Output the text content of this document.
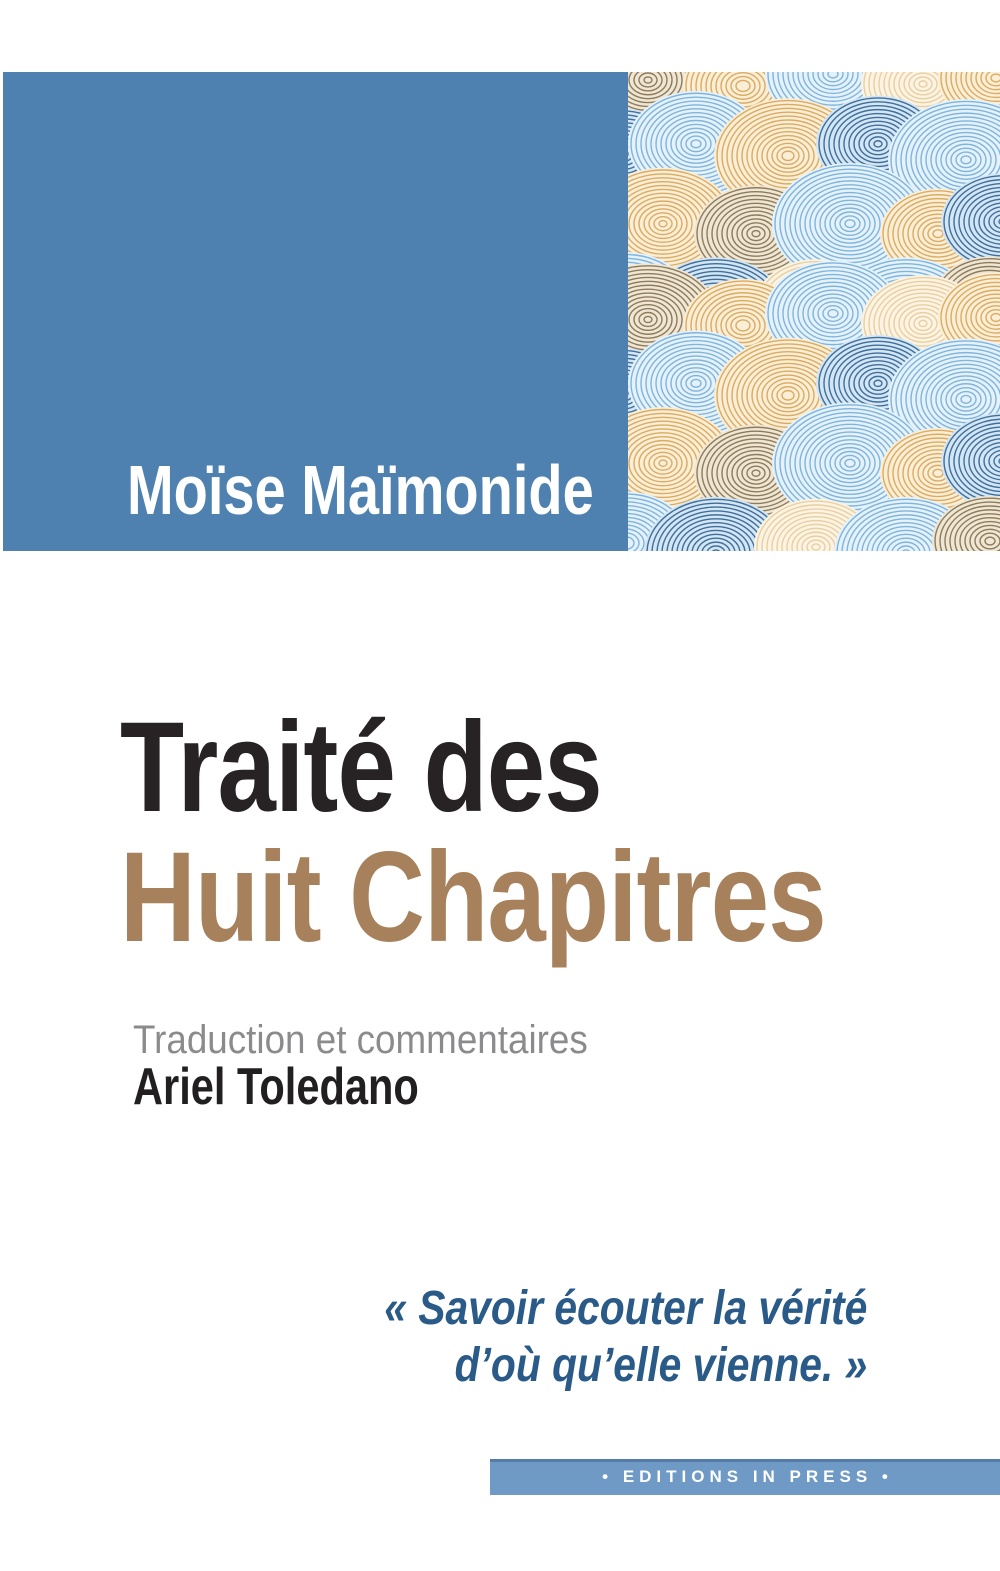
Moïse Maïmonide
Traité des
Huit Chapitres
Traduction et commentaires
Ariel Toledano
« Savoir écouter la vérité
d’où qu’elle vienne. »
• EDITIONS IN PRESS •
